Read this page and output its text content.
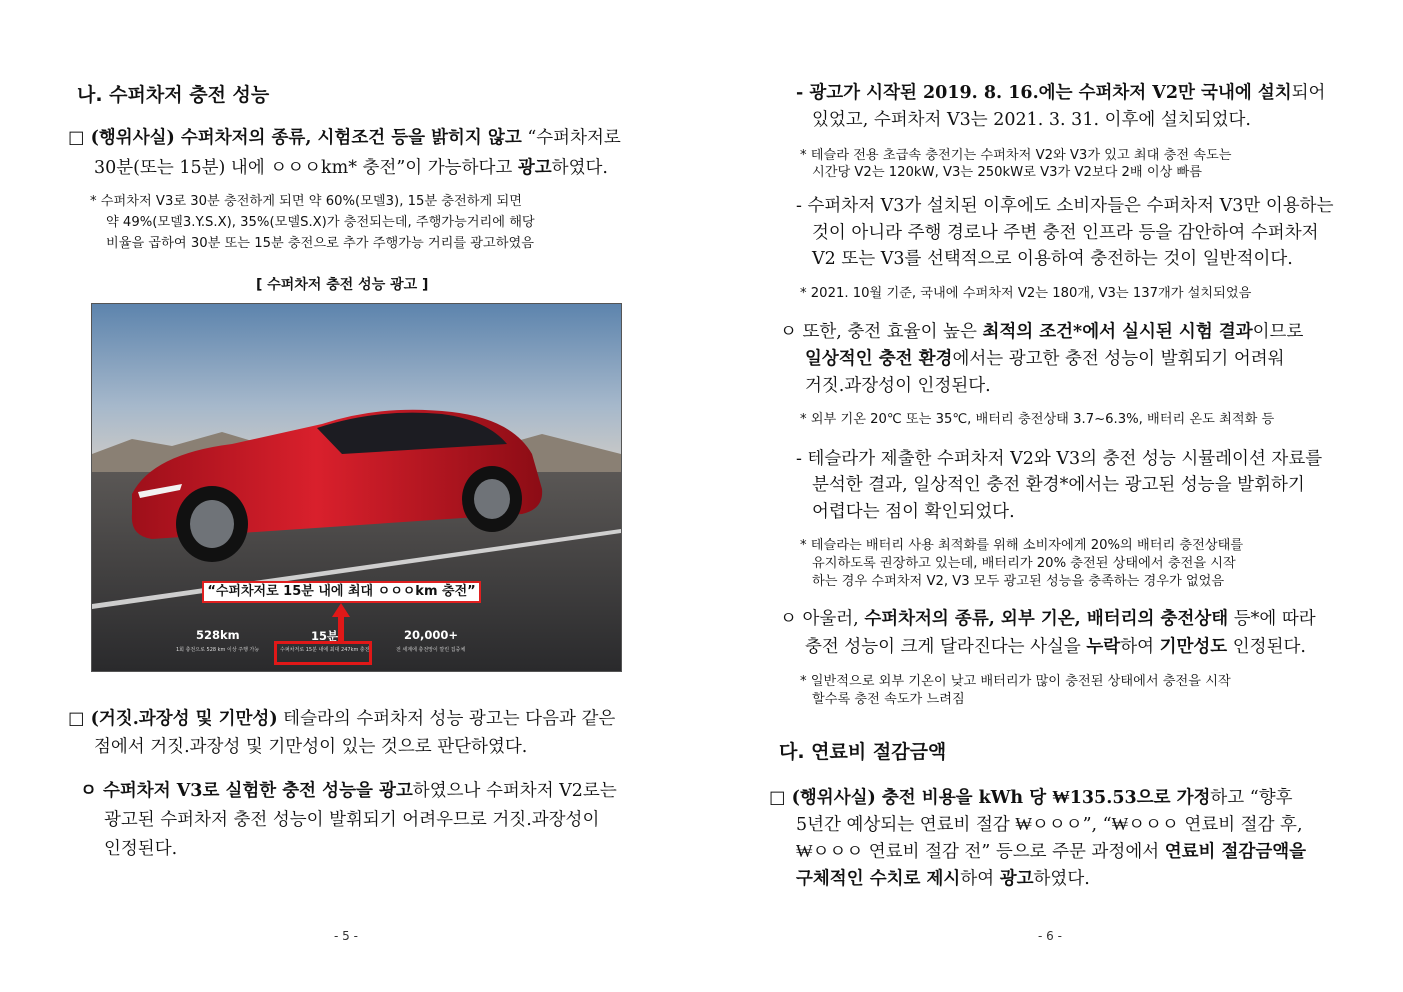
나. 수퍼차저 충전 성능
□ (행위사실) 수퍼차저의 종류, 시험조건 등을 밝히지 않고 “수퍼차저로
30분(또는 15분) 내에 ㅇㅇㅇkm* 충전”이 가능하다고 광고하였다.
* 수퍼차저 V3로 30분 충전하게 되면 약 60%(모델3), 15분 충전하게 되면
약 49%(모델3.Y.S.X), 35%(모델S.X)가 충전되는데, 주행가능거리에 해당
비율을 곱하여 30분 또는 15분 충전으로 추가 주행가능 거리를 광고하였음
[ 수퍼차저 충전 성능 광고 ]
“수퍼차저로 15분 내에 최대 ㅇㅇㅇkm 충전”
528km
1회 충전으로 528 km 이상 주행 가능
15분
수퍼차저로 15분 내에 최대 247km 충전
20,000+
전 세계에 충전망이 깔린 집중체
□ (거짓.과장성 및 기만성) 테슬라의 수퍼차저 성능 광고는 다음과 같은
점에서 거짓.과장성 및 기만성이 있는 것으로 판단하였다.
ㅇ 수퍼차저 V3로 실험한 충전 성능을 광고하였으나 수퍼차저 V2로는
광고된 수퍼차저 충전 성능이 발휘되기 어려우므로 거짓.과장성이
인정된다.
- 5 -
- 광고가 시작된 2019. 8. 16.에는 수퍼차저 V2만 국내에 설치되어
있었고, 수퍼차저 V3는 2021. 3. 31. 이후에 설치되었다.
* 테슬라 전용 초급속 충전기는 수퍼차저 V2와 V3가 있고 최대 충전 속도는
시간당 V2는 120kW, V3는 250kW로 V3가 V2보다 2배 이상 빠름
- 수퍼차저 V3가 설치된 이후에도 소비자들은 수퍼차저 V3만 이용하는
것이 아니라 주행 경로나 주변 충전 인프라 등을 감안하여 수퍼차저
V2 또는 V3를 선택적으로 이용하여 충전하는 것이 일반적이다.
* 2021. 10월 기준, 국내에 수퍼차저 V2는 180개, V3는 137개가 설치되었음
ㅇ 또한, 충전 효율이 높은 최적의 조건*에서 실시된 시험 결과이므로
일상적인 충전 환경에서는 광고한 충전 성능이 발휘되기 어려워
거짓.과장성이 인정된다.
* 외부 기온 20℃ 또는 35℃, 배터리 충전상태 3.7~6.3%, 배터리 온도 최적화 등
- 테슬라가 제출한 수퍼차저 V2와 V3의 충전 성능 시뮬레이션 자료를
분석한 결과, 일상적인 충전 환경*에서는 광고된 성능을 발휘하기
어렵다는 점이 확인되었다.
* 테슬라는 배터리 사용 최적화를 위해 소비자에게 20%의 배터리 충전상태를
유지하도록 권장하고 있는데, 배터리가 20% 충전된 상태에서 충전을 시작
하는 경우 수퍼차저 V2, V3 모두 광고된 성능을 충족하는 경우가 없었음
ㅇ 아울러, 수퍼차저의 종류, 외부 기온, 배터리의 충전상태 등*에 따라
충전 성능이 크게 달라진다는 사실을 누락하여 기만성도 인정된다.
* 일반적으로 외부 기온이 낮고 배터리가 많이 충전된 상태에서 충전을 시작
할수록 충전 속도가 느려짐
다. 연료비 절감금액
□ (행위사실) 충전 비용을 kWh 당 ₩135.53으로 가정하고 “향후
5년간 예상되는 연료비 절감 ₩ㅇㅇㅇ”, “₩ㅇㅇㅇ 연료비 절감 후,
₩ㅇㅇㅇ 연료비 절감 전” 등으로 주문 과정에서 연료비 절감금액을
구체적인 수치로 제시하여 광고하였다.
- 6 -
